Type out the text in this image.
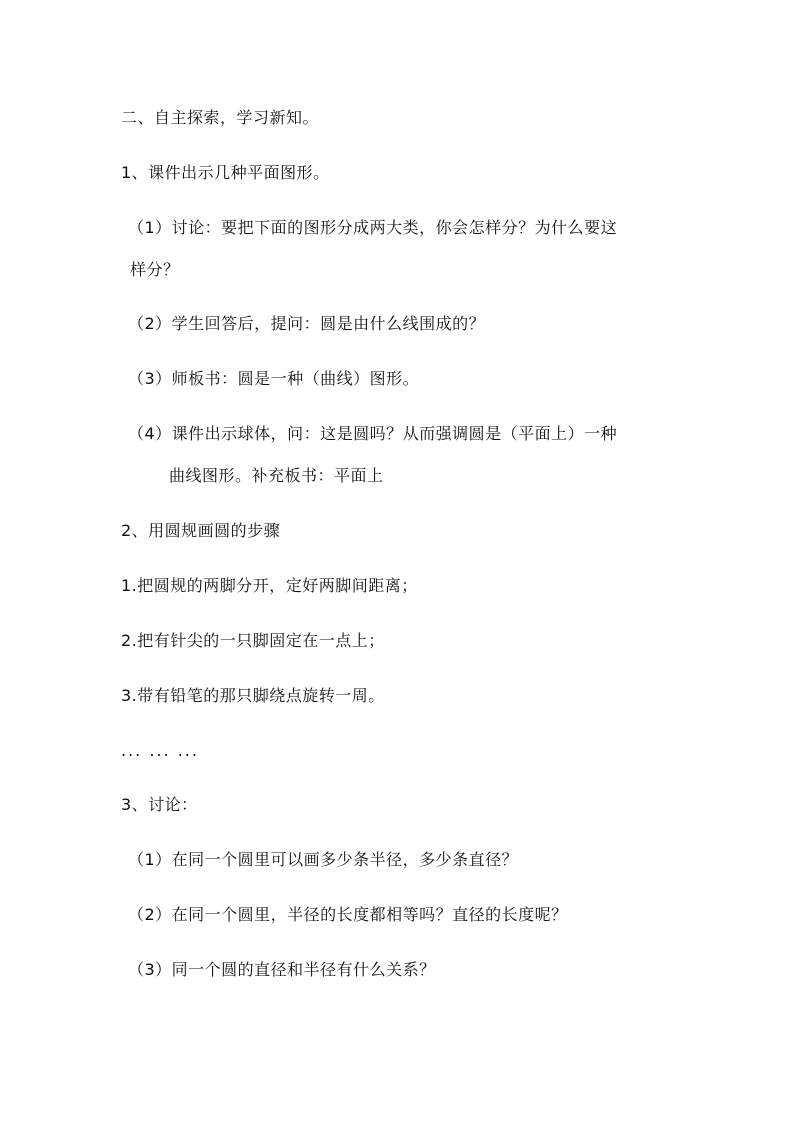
二、自主探索，学习新知。
1、课件出示几种平面图形。
（1）讨论：要把下面的图形分成两大类，你会怎样分？为什么要这
样分？
（2）学生回答后，提问：圆是由什么线围成的？
（3）师板书：圆是一种（曲线）图形。
（4）课件出示球体，问：这是圆吗？从而强调圆是（平面上）一种
曲线图形。补充板书：平面上
2、用圆规画圆的步骤
1.把圆规的两脚分开，定好两脚间距离；
2.把有针尖的一只脚固定在一点上；
3.带有铅笔的那只脚绕点旋转一周。
... ... ...
3、讨论：
（1）在同一个圆里可以画多少条半径，多少条直径？
（2）在同一个圆里，半径的长度都相等吗？直径的长度呢？
（3）同一个圆的直径和半径有什么关系？
